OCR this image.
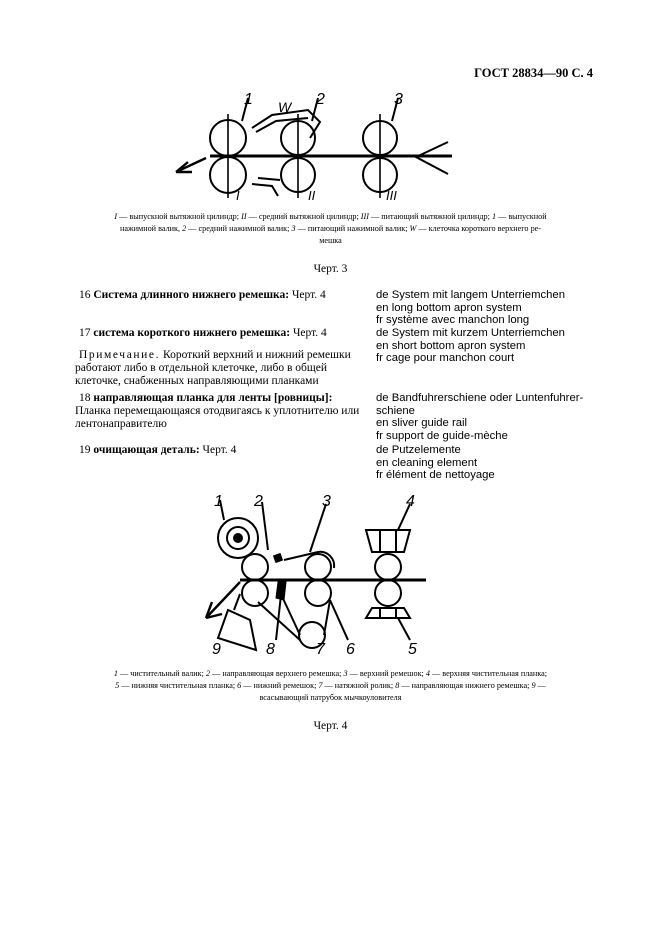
ГОСТ 28834—90 С. 4
1	2	3
W
I	II	III
I — выпускной вытяжной цилиндр; II — средний вытяжной цилиндр; III — питающий вытяжной цилиндр; 1 — выпускной
нажимной валик, 2 — средний нажимной валик; 3 — питающий нажимной валик; W — клеточка короткого верхнего ре-
мешка
Черт. 3

16 Система длинного нижнего ремешка: Черт. 4	de System mit langem Unterriemchen
en long bottom apron system
fr système avec manchon long

17 система короткого нижнего ремешка: Черт. 4	de System mit kurzem Unterriemchen
en short bottom apron system
fr cage pour manchon court

Примечание. Короткий верхний и нижний ремешки работают либо в отдельной клеточке, либо в общей клеточке, снабженных направляющими планками

18 направляющая планка для ленты [ровницы]: Планка перемещающаяся отодвигаясь к уплотнителю или лентонаправителю

de Bandfuhrerschiene oder Luntenfuhrer-
schiene
en sliver guide rail
fr support de guide-mèche

19 очищающая деталь: Черт. 4	de Putzelemente
en cleaning element
fr élément de nettoyage
1 2	3	4
5
6
7
8
9
1 — чистительный валик; 2 — направляющая верхнего ремешка; 3 — верхний ремешок; 4 — верхняя чистительная планка;
5 — нижняя чистительная планка; 6 — нижний ремешок; 7 — натяжной ролик; 8 — направляющая нижнего ремешка; 9 —
всасывающий патрубок мычкоуловителя
Черт. 4
